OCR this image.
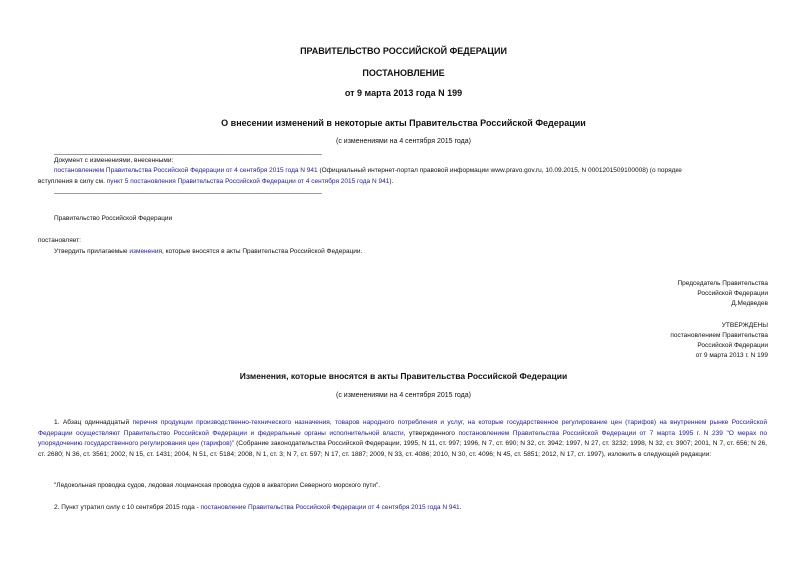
ПРАВИТЕЛЬСТВО РОССИЙСКОЙ ФЕДЕРАЦИИ
ПОСТАНОВЛЕНИЕ
от 9 марта 2013 года N 199
О внесении изменений в некоторые акты Правительства Российской Федерации
(с изменениями на 4 сентября 2015 года)
Документ с изменениями, внесенными:
постановлением Правительства Российской Федерации от 4 сентября 2015 года N 941 (Официальный интернет-портал правовой информации www.pravo.gov.ru, 10.09.2015, N 0001201509100008) (о порядке
вступления в силу см. пункт 5 постановления Правительства Российской Федерации от 4 сентября 2015 года N 941).
Правительство Российской Федерации
постановляет:
Утвердить прилагаемые изменения, которые вносятся в акты Правительства Российской Федерации.
Председатель Правительства
Российской Федерации
Д.Медведев
УТВЕРЖДЕНЫ
постановлением Правительства
Российской Федерации
от 9 марта 2013 г. N 199
Изменения, которые вносятся в акты Правительства Российской Федерации
(с изменениями на 4 сентября 2015 года)
1. Абзац одиннадцатый перечня продукции производственно-технического назначения, товаров народного потребления и услуг, на которые государственное регулирование цен (тарифов) на внутреннем рынке Российской Федерации осуществляют Правительство Российской Федерации и федеральные органы исполнительной власти, утвержденного постановлением Правительства Российской Федерации от 7 марта 1995 г. N 239 "О мерах по упорядочению государственного регулирования цен (тарифов)" (Собрание законодательства Российской Федерации, 1995, N 11, ст. 997; 1996, N 7, ст. 690; N 32, ст. 3942; 1997, N 27, ст. 3232; 1998, N 32, ст. 3907; 2001, N 7, ст. 656; N 26, ст. 2680; N 36, ст. 3561; 2002, N 15, ст. 1431; 2004, N 51, ст. 5184; 2008, N 1, ст. 3; N 7, ст. 597; N 17, ст. 1887; 2009, N 33, ст. 4086; 2010, N 30, ст. 4096; N 45, ст. 5851; 2012, N 17, ст. 1997), изложить в следующей редакции:
"Ледокольная проводка судов, ледовая лоцманская проводка судов в акватории Северного морского пути".
2. Пункт утратил силу с 10 сентября 2015 года - постановление Правительства Российской Федерации от 4 сентября 2015 года N 941.
